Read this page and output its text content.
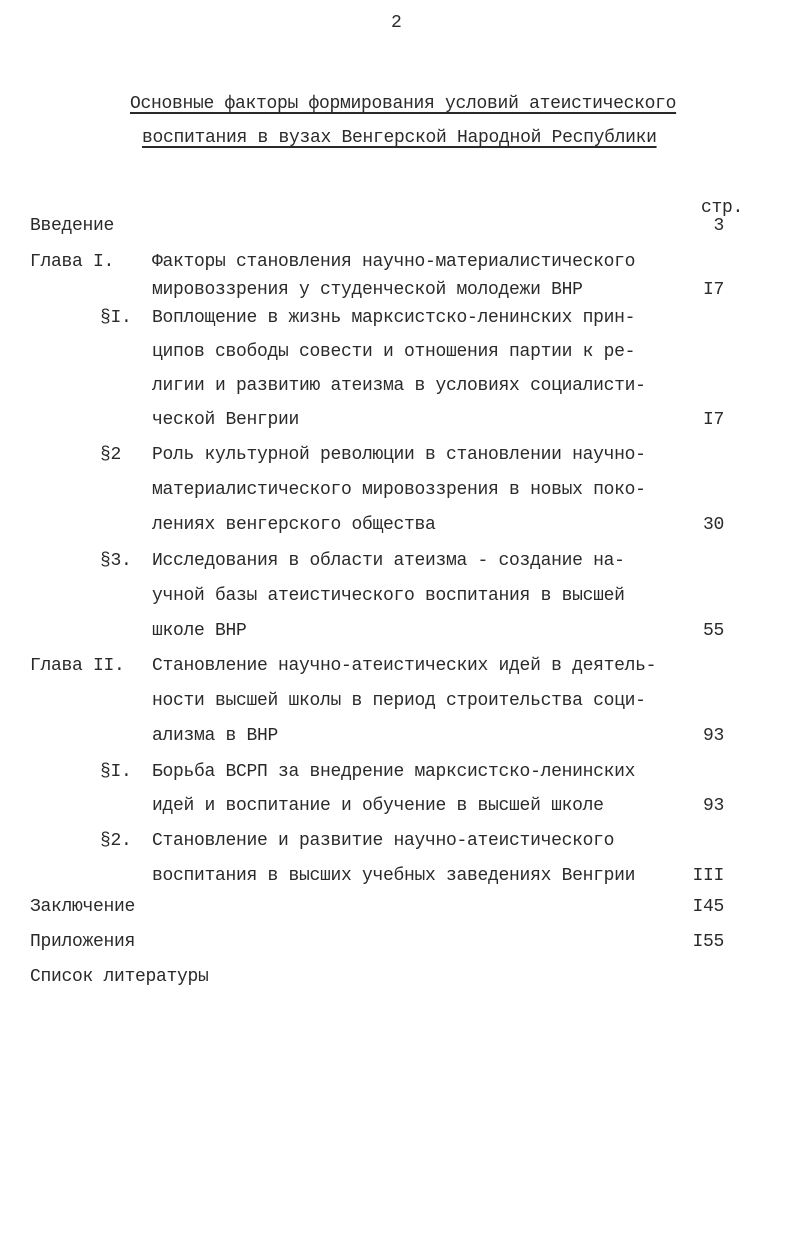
2
Основные факторы формирования условий атеистического
воспитания в вузах Венгерской Народной Республики
стр.
Введение	3
Глава I. Факторы становления научно-материалистического
мировоззрения у студенческой молодежи ВНР	I7
§I. Воплощение в жизнь марксистско-ленинских прин-
ципов свободы совести и отношения партии к ре-
лигии и развитию атеизма в условиях социалисти-
ческой Венгрии	I7
§2 Роль культурной революции в становлении научно-
материалистического мировоззрения в новых поко-
лениях венгерского общества	30
§3. Исследования в области атеизма - создание на-
учной базы атеистического воспитания в высшей
школе ВНР	55
Глава II. Становление научно-атеистических идей в деятель-
ности высшей школы в период строительства соци-
ализма в ВНР	93
§I. Борьба ВСРП за внедрение марксистско-ленинских
идей и воспитание и обучение в высшей школе	93
§2. Становление и развитие научно-атеистического
воспитания в высших учебных заведениях Венгрии	III
Заключение	I45
Приложения	I55
Список литературы
